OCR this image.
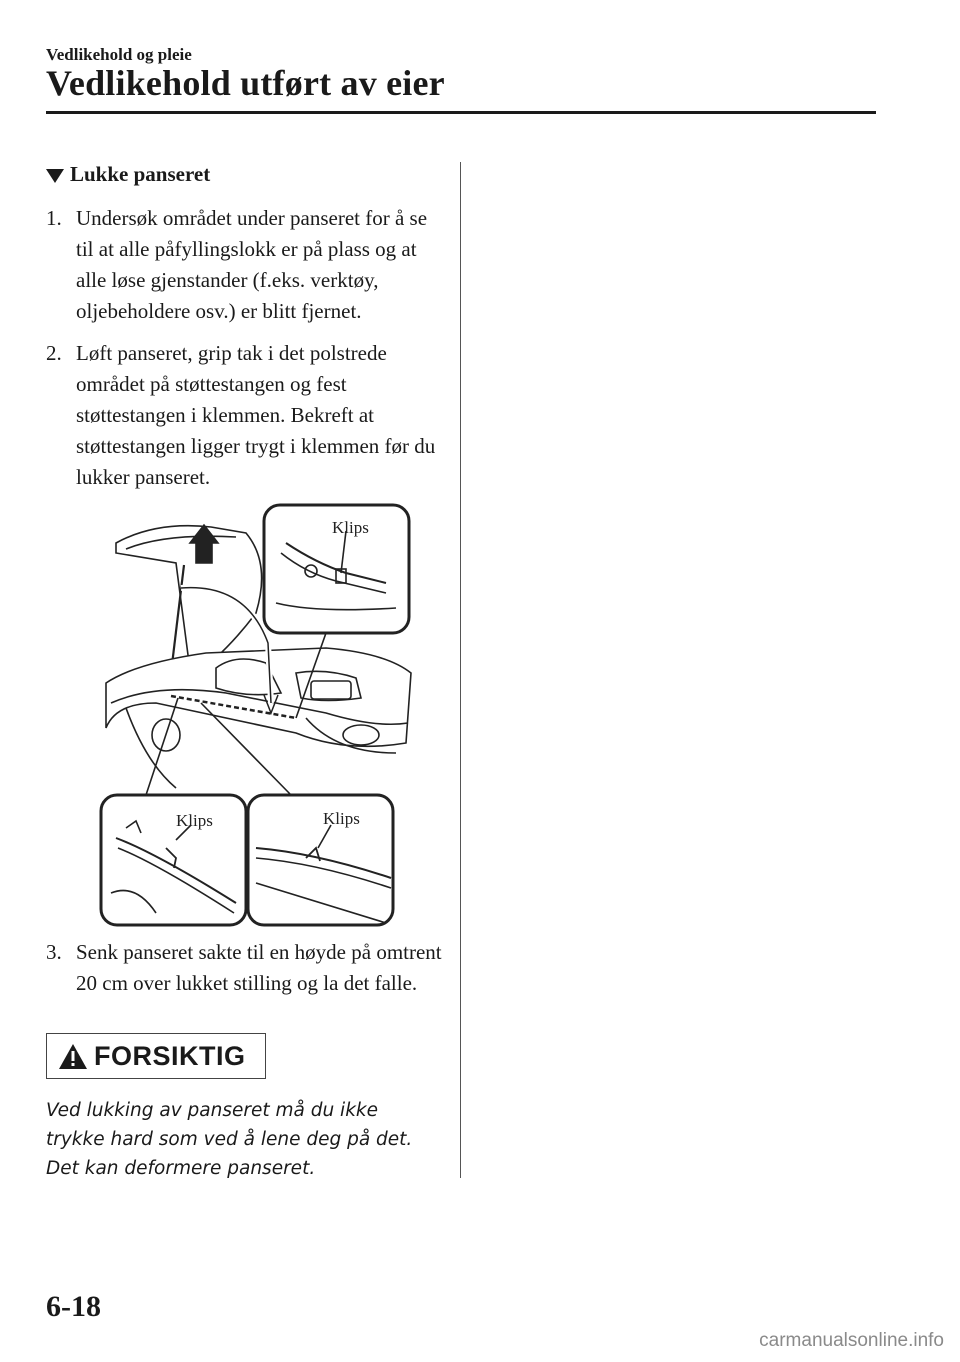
Vedlikehold og pleie
Vedlikehold utført av eier
Lukke panseret
1. Undersøk området under panseret for å se til at alle påfyllingslokk er på plass og at alle løse gjenstander (f.eks. verktøy, oljebeholdere osv.) er blitt fjernet.
2. Løft panseret, grip tak i det polstrede området på støttestangen og fest støttestangen i klemmen. Bekreft at støttestangen ligger trygt i klemmen før du lukker panseret.
Klips
Klips	Klips
3. Senk panseret sakte til en høyde på omtrent 20 cm over lukket stilling og la det falle.
FORSIKTIG
Ved lukking av panseret må du ikke trykke hard som ved å lene deg på det. Det kan deformere panseret.
6-18
carmanualsonline.info
